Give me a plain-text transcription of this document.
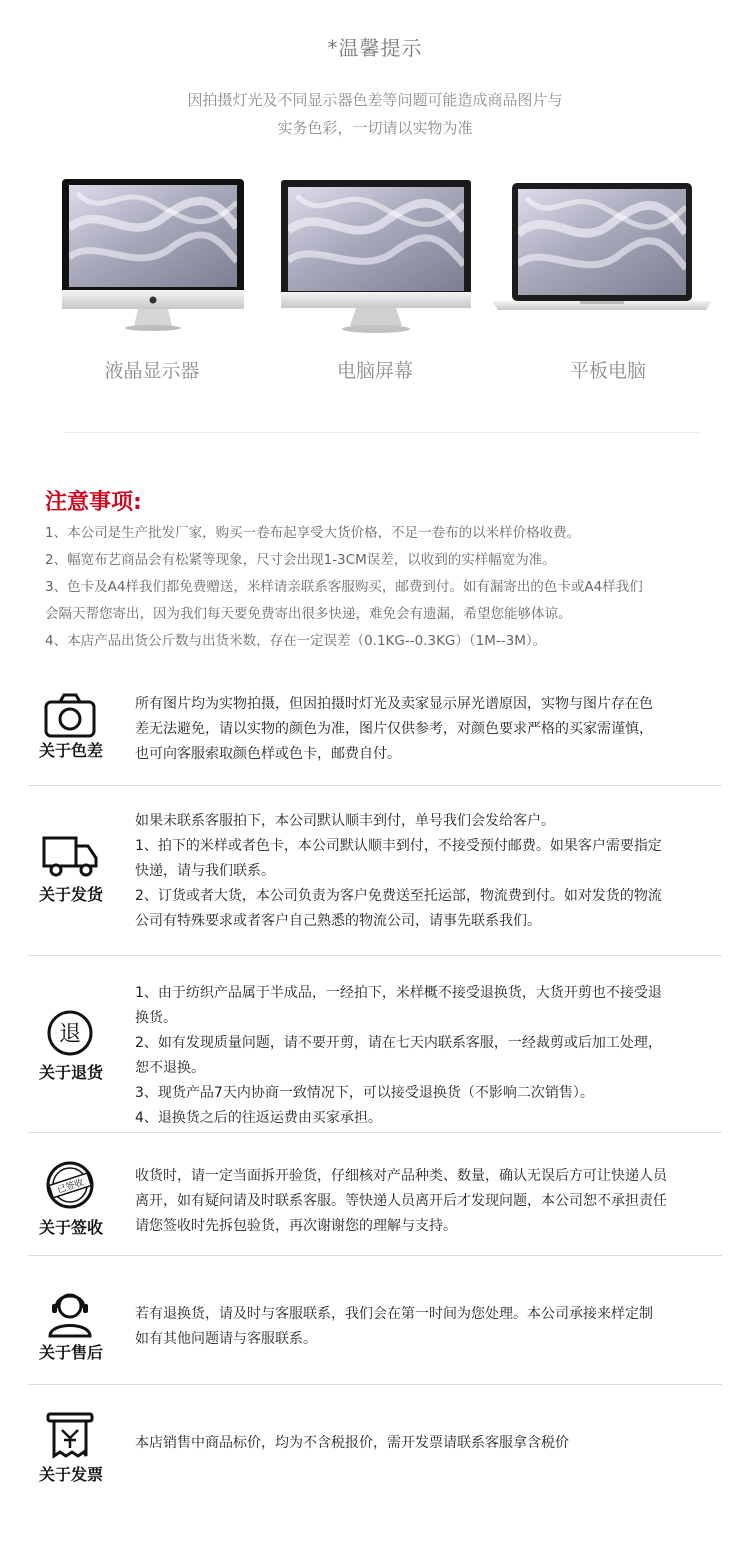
*温馨提示
因拍摄灯光及不同显示器色差等问题可能造成商品图片与
实务色彩，一切请以实物为准
液晶显示器	电脑屏幕	平板电脑
注意事项:
1、本公司是生产批发厂家，购买一卷布起享受大货价格，不足一卷布的以米样价格收费。
2、幅宽布艺商品会有松紧等现象，尺寸会出现1-3CM误差，以收到的实样幅宽为准。
3、色卡及A4样我们都免费赠送，米样请亲联系客服购买，邮费到付。如有漏寄出的色卡或A4样我们
会隔天帮您寄出，因为我们每天要免费寄出很多快递，难免会有遗漏，希望您能够体谅。
4、本店产品出货公斤数与出货米数，存在一定误差（0.1KG--0.3KG）（1M--3M）。
关于色差

所有图片均为实物拍摄，但因拍摄时灯光及卖家显示屏光谱原因，实物与图片存在色

差无法避免，请以实物的颜色为准，图片仅供参考，对颜色要求严格的买家需谨慎，

也可向客服索取颜色样或色卡，邮费自付。

关于发货

如果未联系客服拍下，本公司默认顺丰到付，单号我们会发给客户。

1、拍下的米样或者色卡，本公司默认顺丰到付，不接受预付邮费。如果客户需要指定

快递，请与我们联系。

2、订货或者大货，本公司负责为客户免费送至托运部，物流费到付。如对发货的物流

公司有特殊要求或者客户自己熟悉的物流公司，请事先联系我们。

退
关于退货

1、由于纺织产品属于半成品，一经拍下，米样概不接受退换货，大货开剪也不接受退

换货。

2、如有发现质量问题，请不要开剪，请在七天内联系客服，一经裁剪或后加工处理，

恕不退换。

3、现货产品7天内协商一致情况下，可以接受退换货（不影响二次销售）。

4、退换货之后的往返运费由买家承担。

已签收
关于签收

收货时，请一定当面拆开验货，仔细核对产品种类、数量，确认无误后方可让快递人员

离开，如有疑问请及时联系客服。等快递人员离开后才发现问题，本公司恕不承担责任

请您签收时先拆包验货，再次谢谢您的理解与支持。

关于售后

若有退换货，请及时与客服联系，我们会在第一时间为您处理。本公司承接来样定制

如有其他问题请与客服联系。

关于发票

本店销售中商品标价，均为不含税报价，需开发票请联系客服拿含税价
